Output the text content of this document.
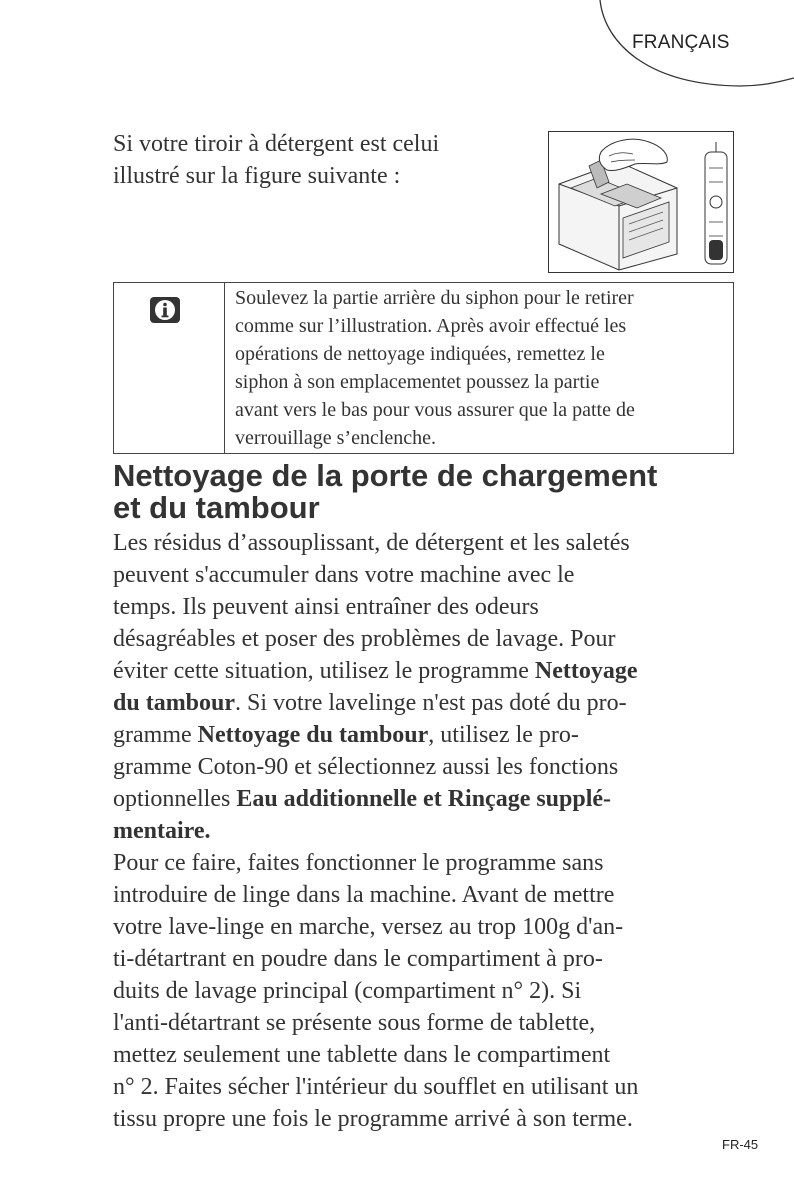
FRANÇAIS
Si votre tiroir à détergent est celui
illustré sur la figure suivante :
Soulevez la partie arrière du siphon pour le retirer
comme sur l’illustration. Après avoir effectué les
opérations de nettoyage indiquées, remettez le
siphon à son emplacementet poussez la partie
avant vers le bas pour vous assurer que la patte de
verrouillage s’enclenche.
Nettoyage de la porte de chargement
et du tambour
Les résidus d’assouplissant, de détergent et les saletés
peuvent s'accumuler dans votre machine avec le
temps. Ils peuvent ainsi entraîner des odeurs
désagréables et poser des problèmes de lavage. Pour
éviter cette situation, utilisez le programme Nettoyage
du tambour. Si votre lavelinge n'est pas doté du pro-
gramme Nettoyage du tambour, utilisez le pro-
gramme Coton-90 et sélectionnez aussi les fonctions
optionnelles Eau additionnelle et Rinçage supplé-
mentaire.
Pour ce faire, faites fonctionner le programme sans
introduire de linge dans la machine. Avant de mettre
votre lave-linge en marche, versez au trop 100g d'an-
ti-détartrant en poudre dans le compartiment à pro-
duits de lavage principal (compartiment n° 2). Si
l'anti-détartrant se présente sous forme de tablette,
mettez seulement une tablette dans le compartiment
n° 2. Faites sécher l'intérieur du soufflet en utilisant un
tissu propre une fois le programme arrivé à son terme.
FR-45
